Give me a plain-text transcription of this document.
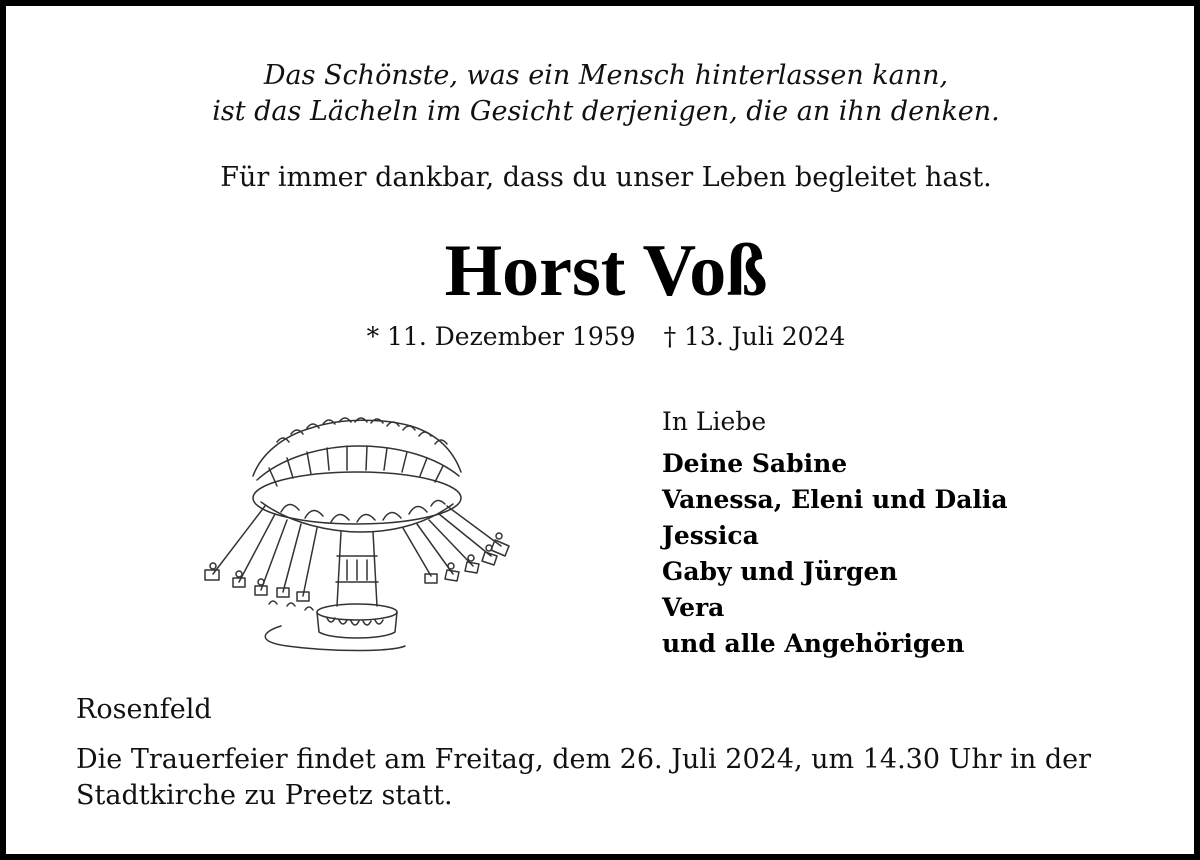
Das Schönste, was ein Mensch hinterlassen kann,
ist das Lächeln im Gesicht derjenigen, die an ihn denken.
Für immer dankbar, dass du unser Leben begleitet hast.
Horst Voß
* 11. Dezember 1959 † 13. Juli 2024
In Liebe
Deine Sabine
Vanessa, Eleni und Dalia
Jessica
Gaby und Jürgen
Vera
und alle Angehörigen
Rosenfeld
Die Trauerfeier findet am Freitag, dem 26. Juli 2024, um 14.30 Uhr in der
Stadtkirche zu Preetz statt.
